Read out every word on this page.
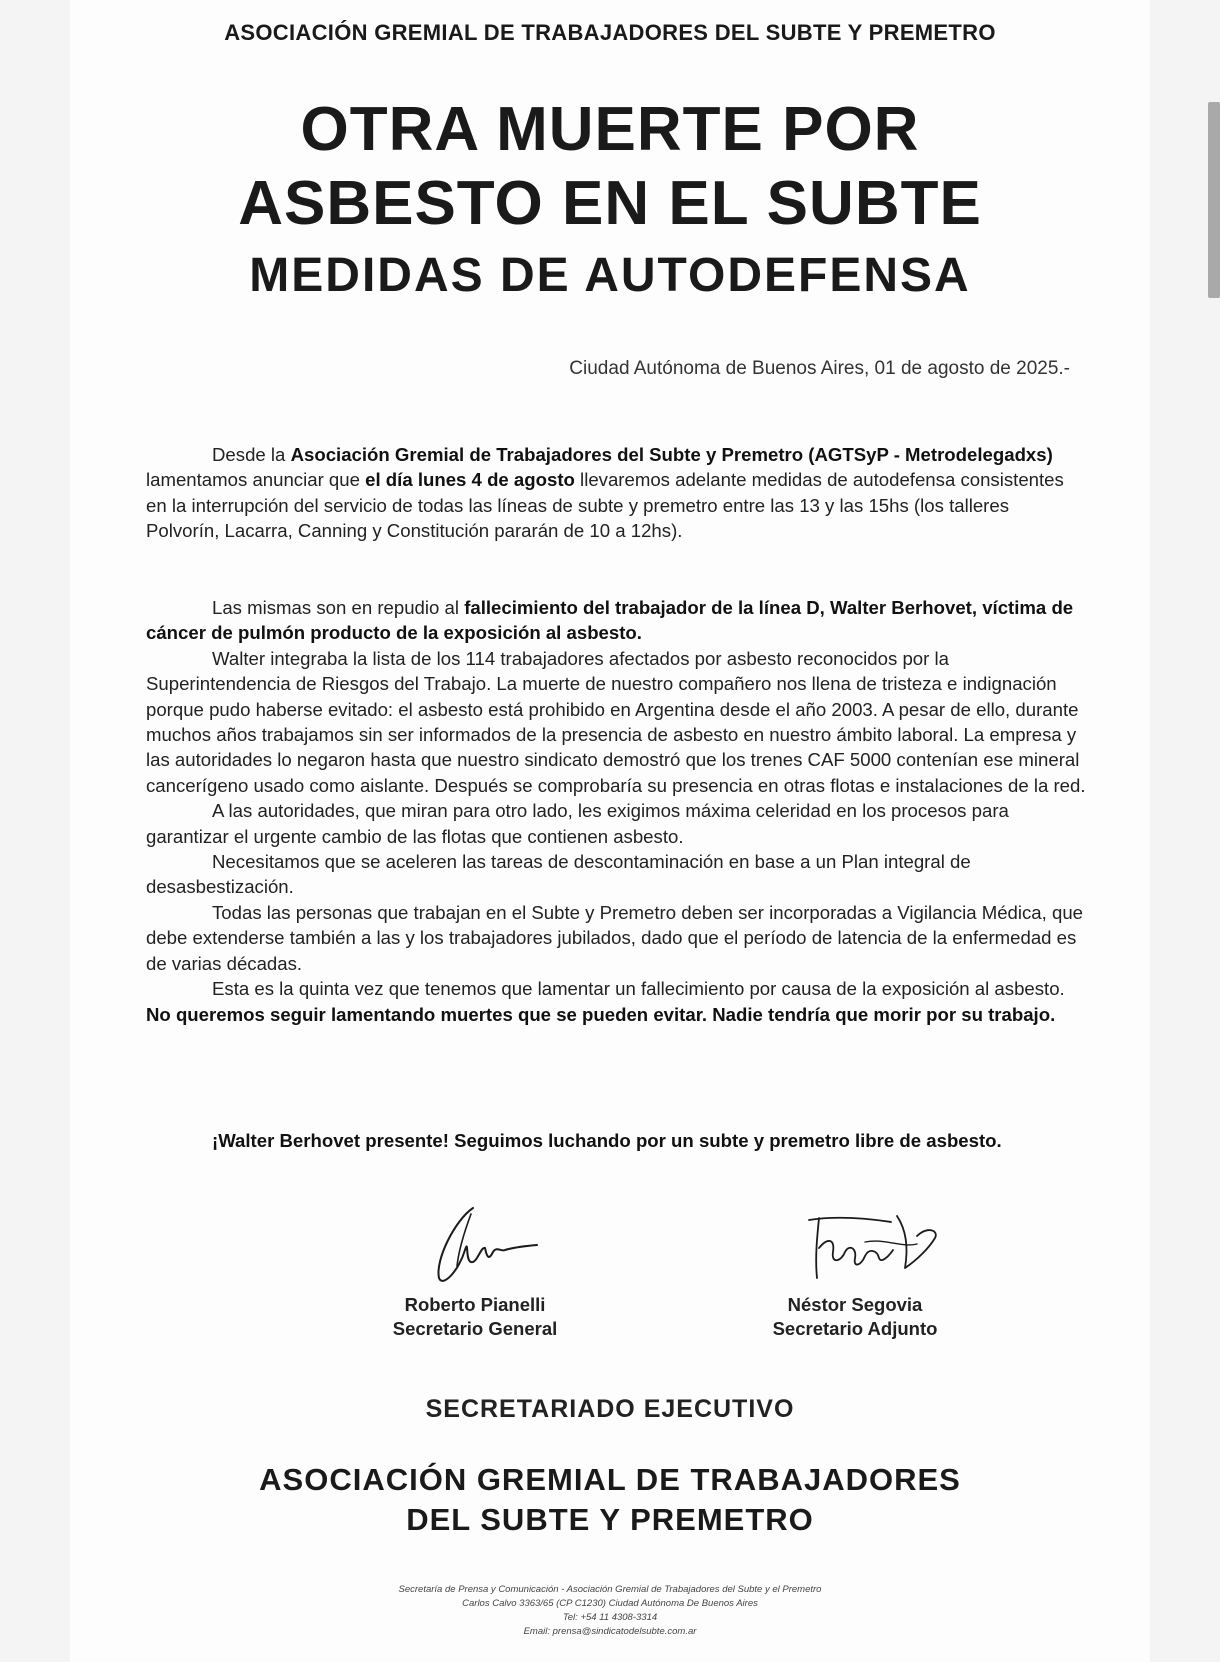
ASOCIACIÓN GREMIAL DE TRABAJADORES DEL SUBTE Y PREMETRO
OTRA MUERTE POR
ASBESTO EN EL SUBTE
MEDIDAS DE AUTODEFENSA
Ciudad Autónoma de Buenos Aires, 01 de agosto de 2025.-
Desde la Asociación Gremial de Trabajadores del Subte y Premetro (AGTSyP - Metrodelegadxs) lamentamos anunciar que el día lunes 4 de agosto llevaremos adelante medidas de autodefensa consistentes en la interrupción del servicio de todas las líneas de subte y premetro entre las 13 y las 15hs (los talleres Polvorín, Lacarra, Canning y Constitución pararán de 10 a 12hs).
Las mismas son en repudio al fallecimiento del trabajador de la línea D, Walter Berhovet, víctima de cáncer de pulmón producto de la exposición al asbesto.
Walter integraba la lista de los 114 trabajadores afectados por asbesto reconocidos por la Superintendencia de Riesgos del Trabajo. La muerte de nuestro compañero nos llena de tristeza e indignación porque pudo haberse evitado: el asbesto está prohibido en Argentina desde el año 2003. A pesar de ello, durante muchos años trabajamos sin ser informados de la presencia de asbesto en nuestro ámbito laboral. La empresa y las autoridades lo negaron hasta que nuestro sindicato demostró que los trenes CAF 5000 contenían ese mineral cancerígeno usado como aislante. Después se comprobaría su presencia en otras flotas e instalaciones de la red.
A las autoridades, que miran para otro lado, les exigimos máxima celeridad en los procesos para garantizar el urgente cambio de las flotas que contienen asbesto.
Necesitamos que se aceleren las tareas de descontaminación en base a un Plan integral de desasbestización.
Todas las personas que trabajan en el Subte y Premetro deben ser incorporadas a Vigilancia Médica, que debe extenderse también a las y los trabajadores jubilados, dado que el período de latencia de la enfermedad es de varias décadas.
Esta es la quinta vez que tenemos que lamentar un fallecimiento por causa de la exposición al asbesto. No queremos seguir lamentando muertes que se pueden evitar. Nadie tendría que morir por su trabajo.
¡Walter Berhovet presente! Seguimos luchando por un subte y premetro libre de asbesto.
Roberto Pianelli
Secretario General
Néstor Segovia
Secretario Adjunto
SECRETARIADO EJECUTIVO
ASOCIACIÓN GREMIAL DE TRABAJADORES
DEL SUBTE Y PREMETRO
Secretaría de Prensa y Comunicación - Asociación Gremial de Trabajadores del Subte y el Premetro
Carlos Calvo 3363/65 (CP C1230) Ciudad Autónoma De Buenos Aires
Tel: +54 11 4308-3314
Email: prensa@sindicatodelsubte.com.ar
